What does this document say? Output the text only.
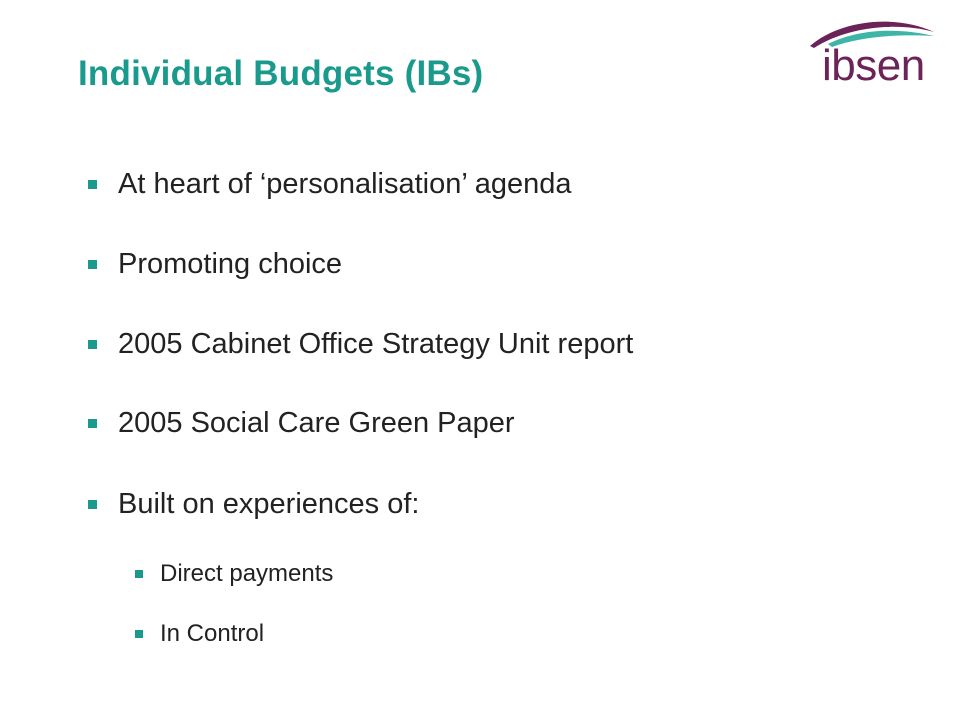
Individual Budgets (IBs)	ibsen
At heart of ‘personalisation’ agenda
Promoting choice
2005 Cabinet Office Strategy Unit report
2005 Social Care Green Paper
Built on experiences of:
Direct payments
In Control
